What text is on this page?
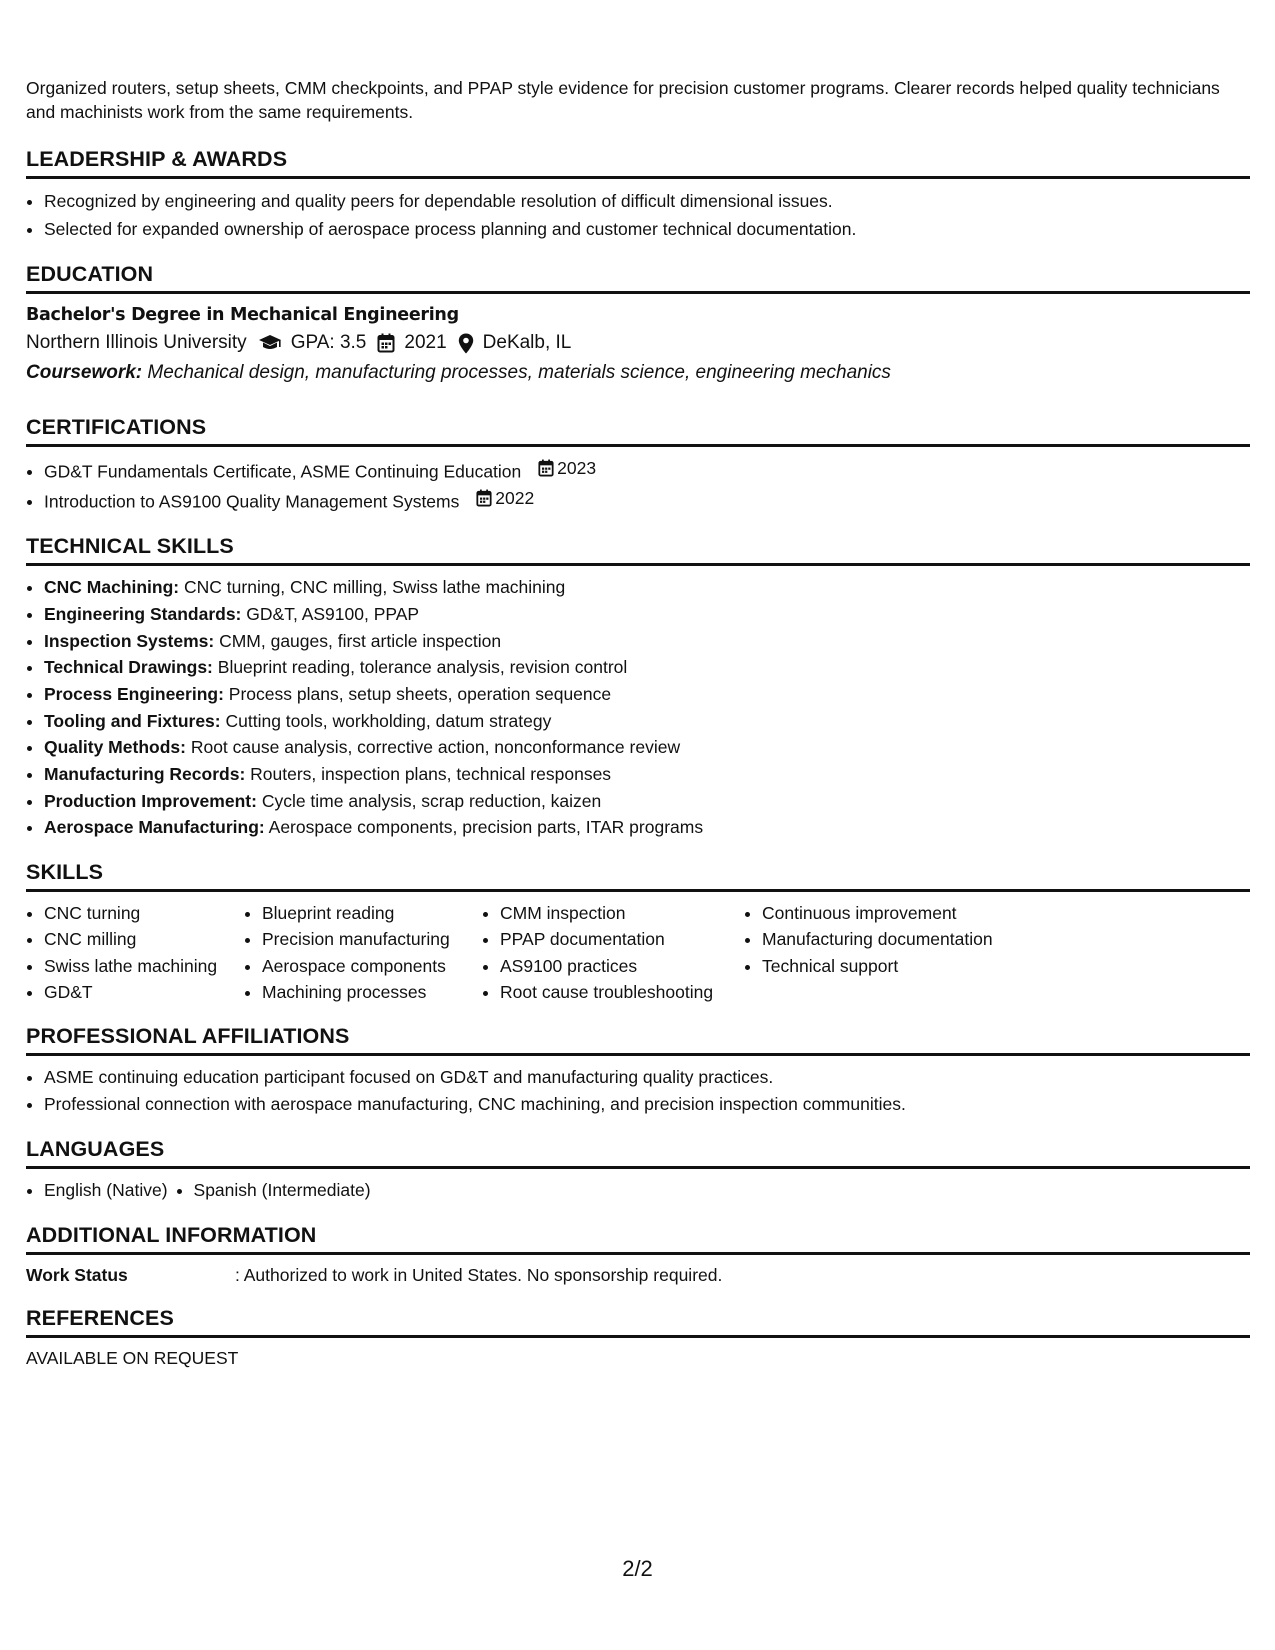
Organized routers, setup sheets, CMM checkpoints, and PPAP style evidence for precision customer programs. Clearer records helped quality technicians and machinists work from the same requirements.

LEADERSHIP & AWARDS
• Recognized by engineering and quality peers for dependable resolution of difficult dimensional issues.
• Selected for expanded ownership of aerospace process planning and customer technical documentation.
EDUCATION
Bachelor's Degree in Mechanical Engineering
Northern Illinois University GPA: 3.5 2021 DeKalb, IL
Coursework: Mechanical design, manufacturing processes, materials science, engineering mechanics
CERTIFICATIONS
• GD&T Fundamentals Certificate, ASME Continuing Education 2023
• Introduction to AS9100 Quality Management Systems 2022
TECHNICAL SKILLS
• CNC Machining: CNC turning, CNC milling, Swiss lathe machining
• Engineering Standards: GD&T, AS9100, PPAP
• Inspection Systems: CMM, gauges, first article inspection
• Technical Drawings: Blueprint reading, tolerance analysis, revision control
• Process Engineering: Process plans, setup sheets, operation sequence
• Tooling and Fixtures: Cutting tools, workholding, datum strategy
• Quality Methods: Root cause analysis, corrective action, nonconformance review
• Manufacturing Records: Routers, inspection plans, technical responses
• Production Improvement: Cycle time analysis, scrap reduction, kaizen
• Aerospace Manufacturing: Aerospace components, precision parts, ITAR programs
SKILLS
• CNC turning
• CNC milling
• Swiss lathe machining
• GD&T
• Blueprint reading
• Precision manufacturing
• Aerospace components
• Machining processes
• CMM inspection
• PPAP documentation
• AS9100 practices
• Root cause troubleshooting
• Continuous improvement
• Manufacturing documentation
• Technical support
PROFESSIONAL AFFILIATIONS
• ASME continuing education participant focused on GD&T and manufacturing quality practices.
• Professional connection with aerospace manufacturing, CNC machining, and precision inspection communities.
LANGUAGES
• English (Native)
• Spanish (Intermediate)
ADDITIONAL INFORMATION
Work Status	: Authorized to work in United States. No sponsorship required.
REFERENCES
AVAILABLE ON REQUEST
2/2
